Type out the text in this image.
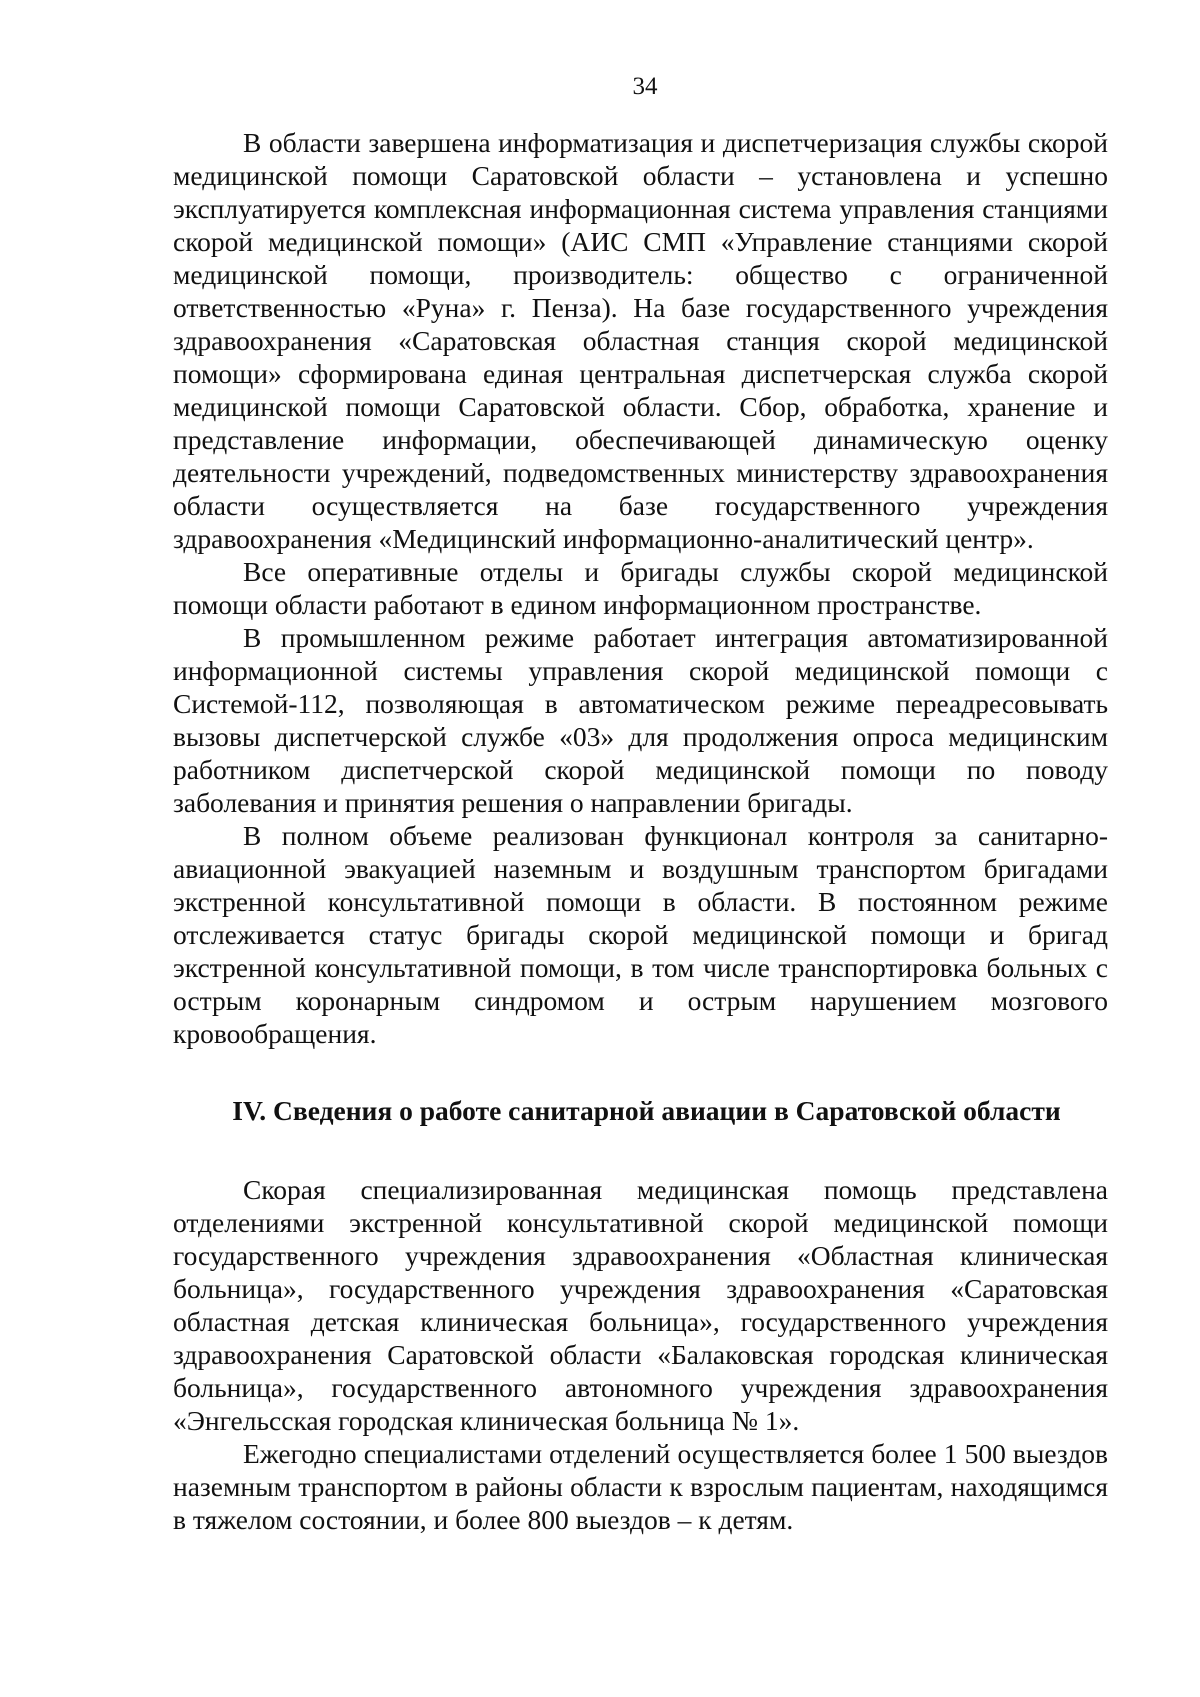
34

В области завершена информатизация и диспетчеризация службы скорой медицинской помощи Саратовской области – установлена и успешно эксплуатируется комплексная информационная система управления станциями скорой медицинской помощи» (АИС СМП «Управление станциями скорой медицинской помощи, производитель: общество с ограниченной ответственностью «Руна» г. Пенза). На базе государственного учреждения здравоохранения «Саратовская областная станция скорой медицинской помощи» сформирована единая центральная диспетчерская служба скорой медицинской помощи Саратовской области. Сбор, обработка, хранение и представление информации, обеспечивающей динамическую оценку деятельности учреждений, подведомственных министерству здравоохранения области осуществляется на базе государственного учреждения здравоохранения «Медицинский информационно-аналитический центр».

Все оперативные отделы и бригады службы скорой медицинской помощи области работают в едином информационном пространстве.

В промышленном режиме работает интеграция автоматизированной информационной системы управления скорой медицинской помощи с Системой-112, позволяющая в автоматическом режиме переадресовывать вызовы диспетчерской службе «03» для продолжения опроса медицинским работником диспетчерской скорой медицинской помощи по поводу заболевания и принятия решения о направлении бригады.

В полном объеме реализован функционал контроля за санитарно-авиационной эвакуацией наземным и воздушным транспортом бригадами экстренной консультативной помощи в области. В постоянном режиме отслеживается статус бригады скорой медицинской помощи и бригад экстренной консультативной помощи, в том числе транспортировка больных с острым коронарным синдромом и острым нарушением мозгового кровообращения.

IV. Сведения о работе санитарной авиации в Саратовской области

Скорая специализированная медицинская помощь представлена отделениями экстренной консультативной скорой медицинской помощи государственного учреждения здравоохранения «Областная клиническая больница», государственного учреждения здравоохранения «Саратовская областная детская клиническая больница», государственного учреждения здравоохранения Саратовской области «Балаковская городская клиническая больница», государственного автономного учреждения здравоохранения «Энгельсская городская клиническая больница № 1».

Ежегодно специалистами отделений осуществляется более 1 500 выездов наземным транспортом в районы области к взрослым пациентам, находящимся в тяжелом состоянии, и более 800 выездов – к детям.
